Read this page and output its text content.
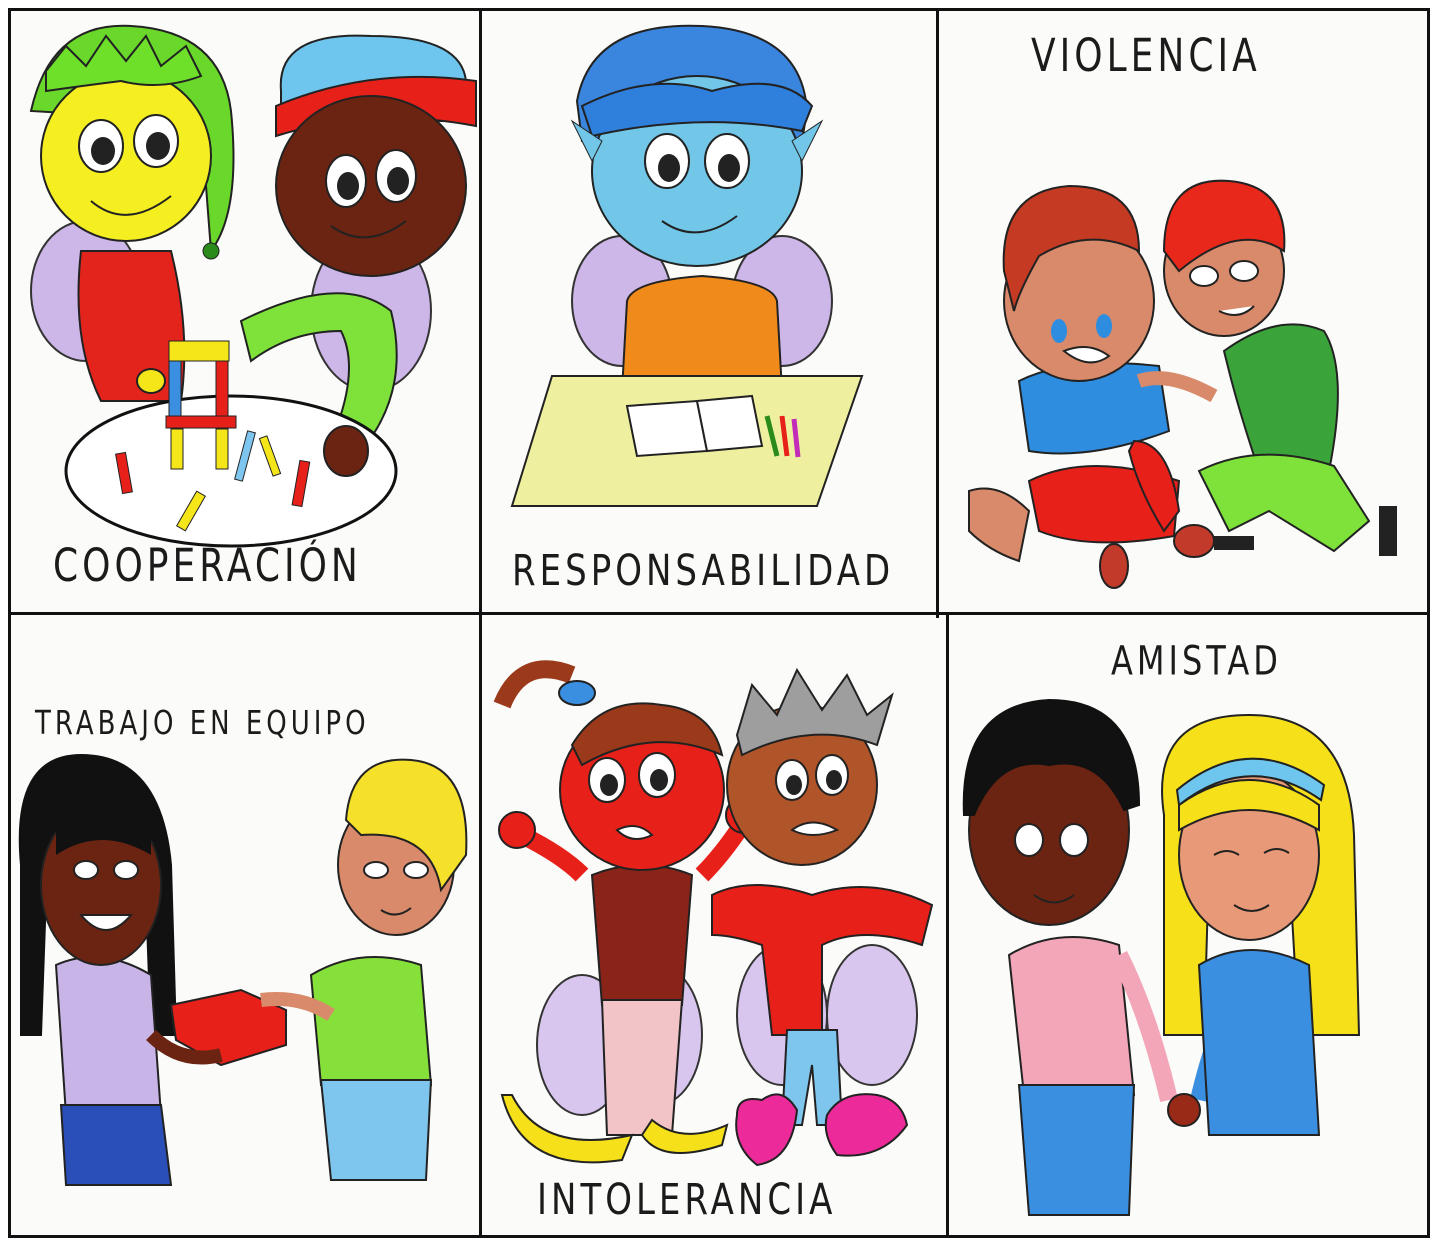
COOPERACIÓN	RESPONSABILIDAD
VIOLENCIA
TRABAJO EN EQUIPO
INTOLERANCIA
AMISTAD
